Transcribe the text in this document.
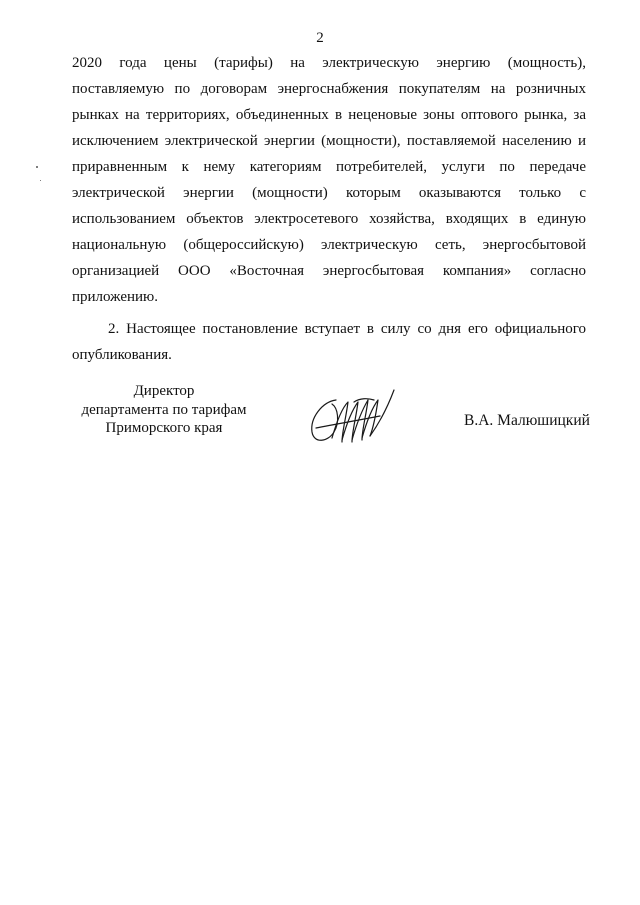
2

2020 года цены (тарифы) на электрическую энергию (мощность), поставляемую по договорам энергоснабжения покупателям на розничных рынках на территориях, объединенных в неценовые зоны оптового рынка, за исключением электрической энергии (мощности), поставляемой населению и приравненным к нему категориям потребителей, услуги по передаче электрической энергии (мощности) которым оказываются только с использованием объектов электросетевого хозяйства, входящих в единую национальную (общероссийскую) электрическую сеть, энергосбытовой организацией ООО «Восточная энергосбытовая компания» согласно приложению.

2. Настоящее постановление вступает в силу со дня его официального опубликования.

Директор
департамента по тарифам
Приморского края	В.А. Малюшицкий
